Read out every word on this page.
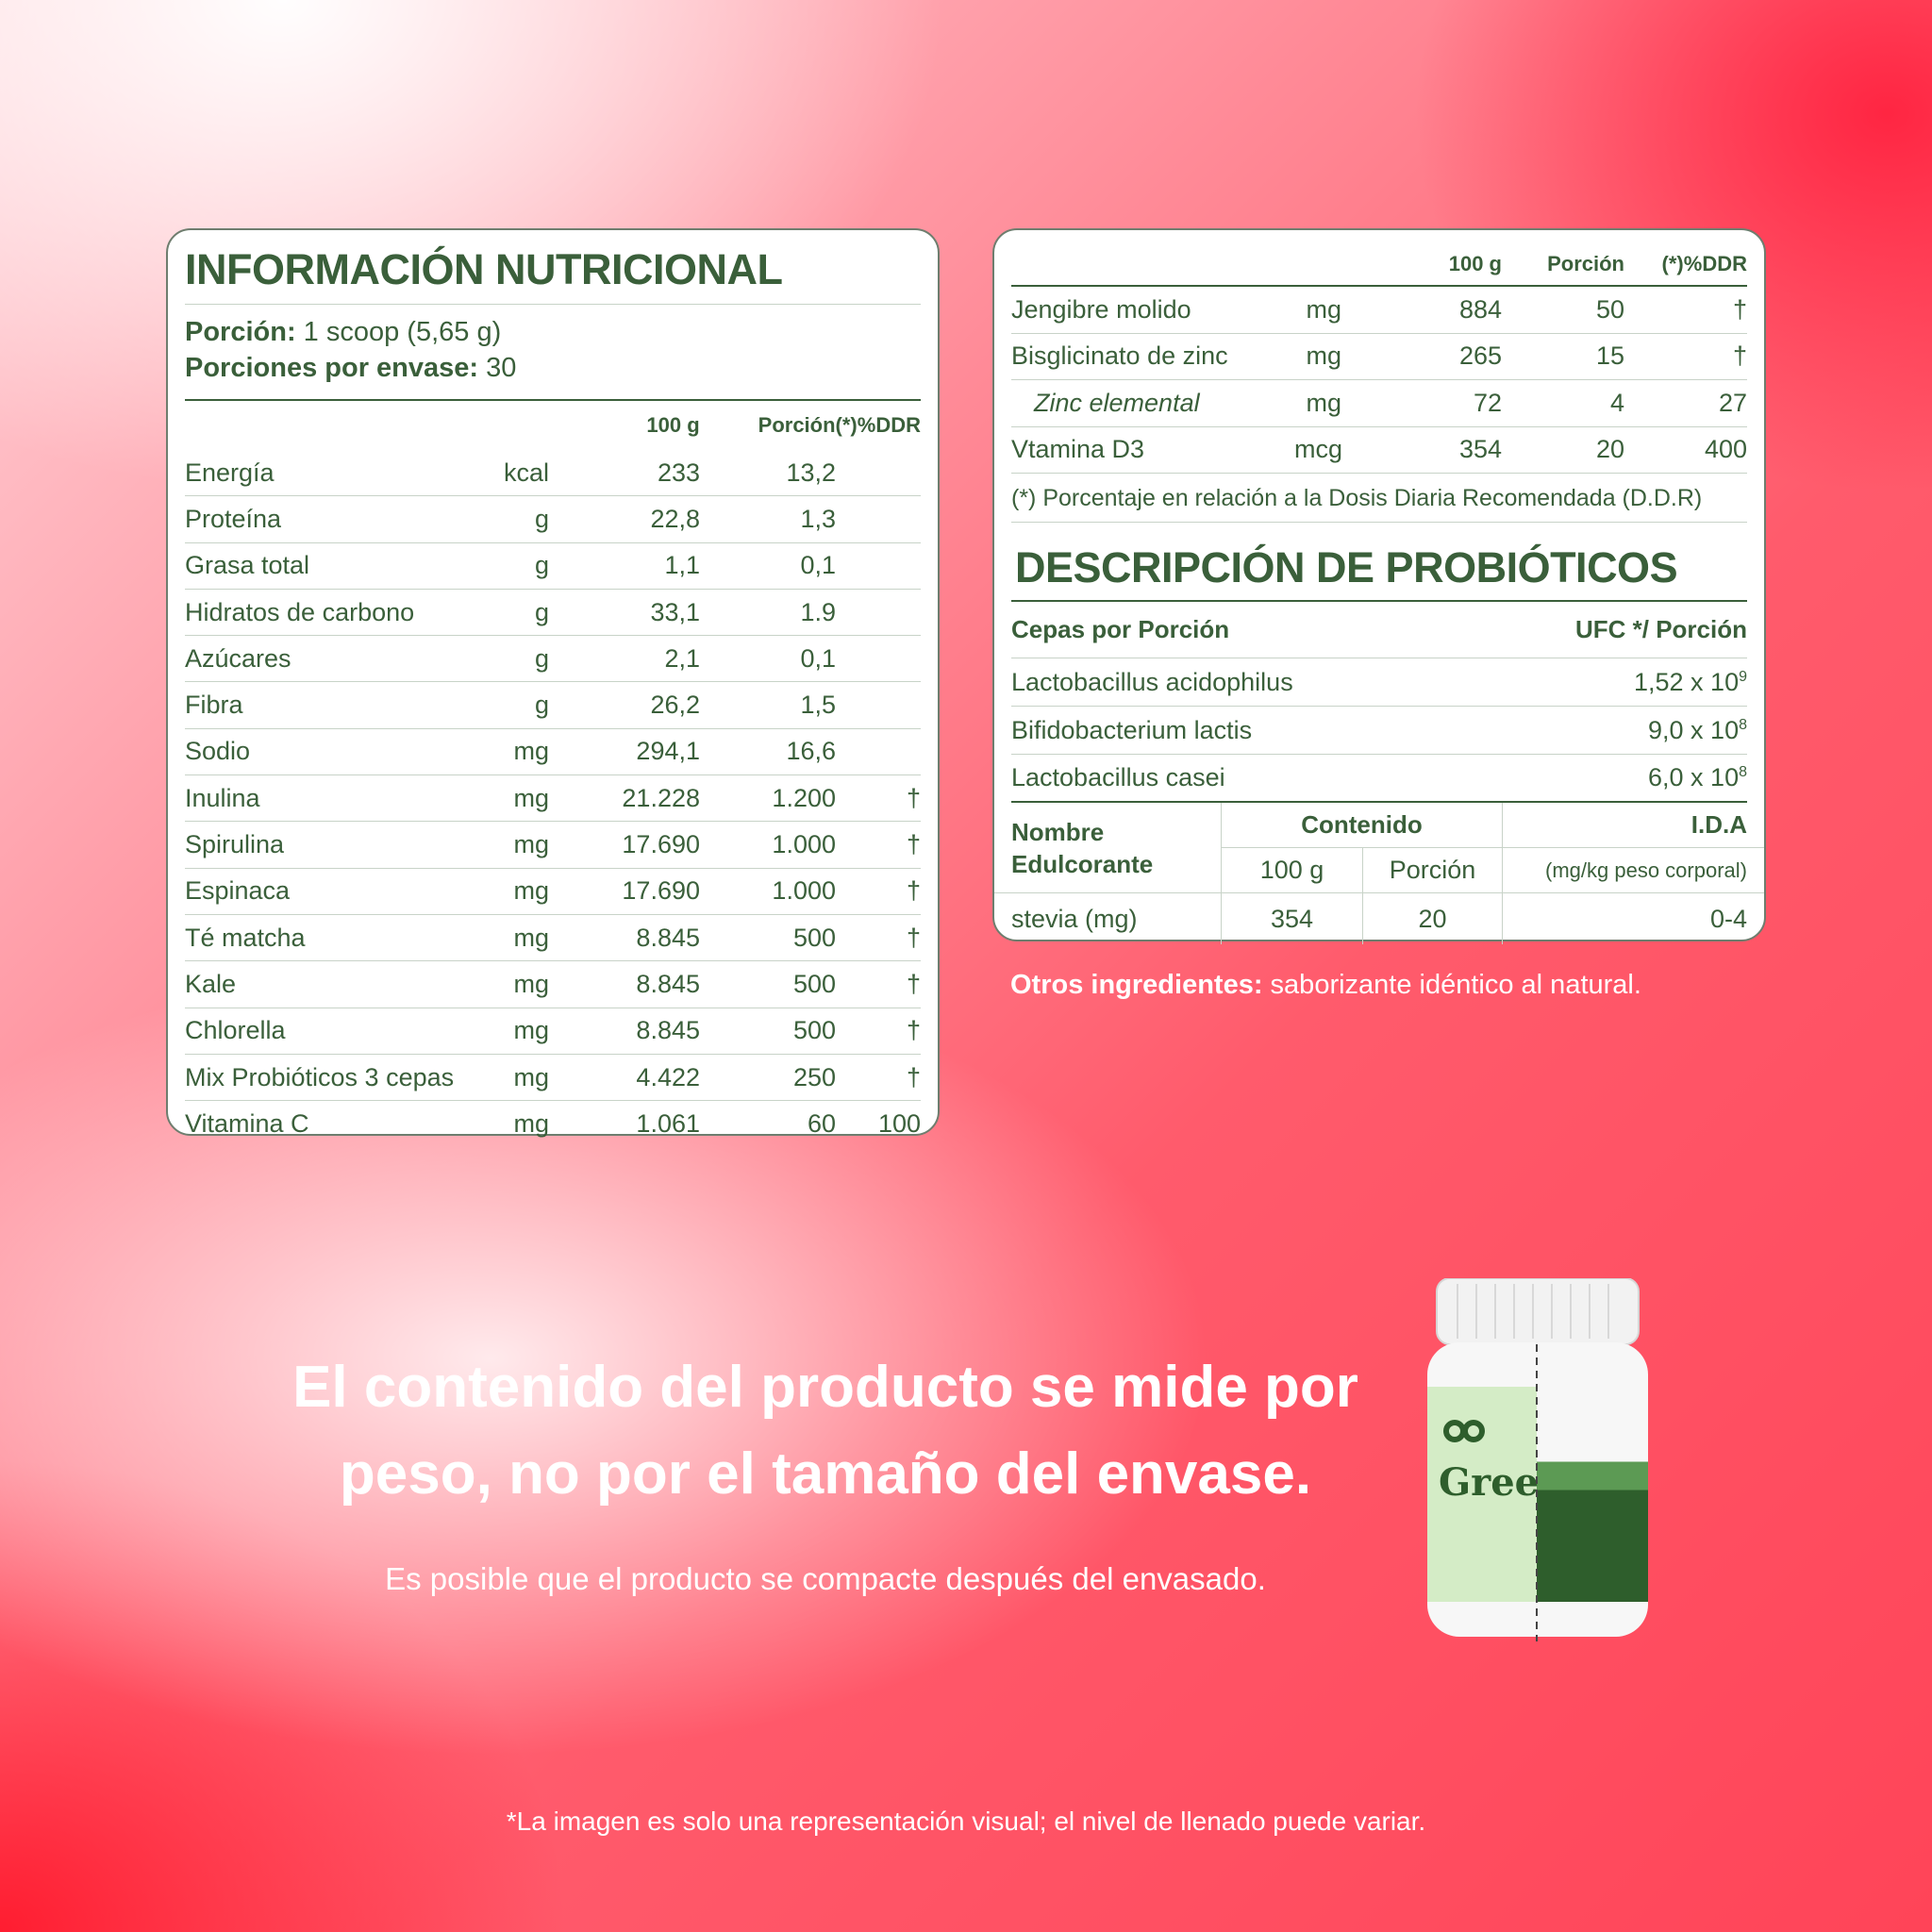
INFORMACIÓN NUTRICIONAL
Porción: 1 scoop (5,65 g)
Porciones por envase: 30
100 g	Porción (*)%DDR
Energía	kcal	233	13,2
Proteína	g	22,8	1,3
Grasa total	g	1,1	0,1
Hidratos de carbono	g	33,1	1.9
Azúcares	g	2,1	0,1
Fibra	g	26,2	1,5
Sodio	mg	294,1	16,6
Inulina	mg	21.228	1.200	†
Spirulina	mg	17.690	1.000	†
Espinaca	mg	17.690	1.000	†
Té matcha	mg	8.845	500	†
Kale	mg	8.845	500	†
Chlorella	mg	8.845	500	†
Mix Probióticos 3 cepas	mg	4.422	250	†
Vitamina C	mg	1.061	60	100
100 g	Porción	(*)%DDR
Jengibre molido	mg	884	50	†
Bisglicinato de zinc	mg	265	15	†
Zinc elemental	mg	72	4	27
Vtamina D3	mcg	354	20	400
(*) Porcentaje en relación a la Dosis Diaria Recomendada (D.D.R)
DESCRIPCIÓN DE PROBIÓTICOS
Cepas por Porción	UFC */ Porción
Lactobacillus acidophilus	1,52 x $10^9$
Bifidobacterium lactis	9,0 x $10^8$
Lactobacillus casei	6,0 x $10^8$
Nombre
Edulcorante
Contenido	I.D.A
100 g	Porción	(mg/kg peso corporal)
stevia (mg)	354	20	0-4
Otros ingredientes: saborizante idéntico al natural.
El contenido del producto se mide por
peso, no por el tamaño del envase.
Es posible que el producto se compacte después del envasado.
*La imagen es solo una representación visual; el nivel de llenado puede variar.
Gree
